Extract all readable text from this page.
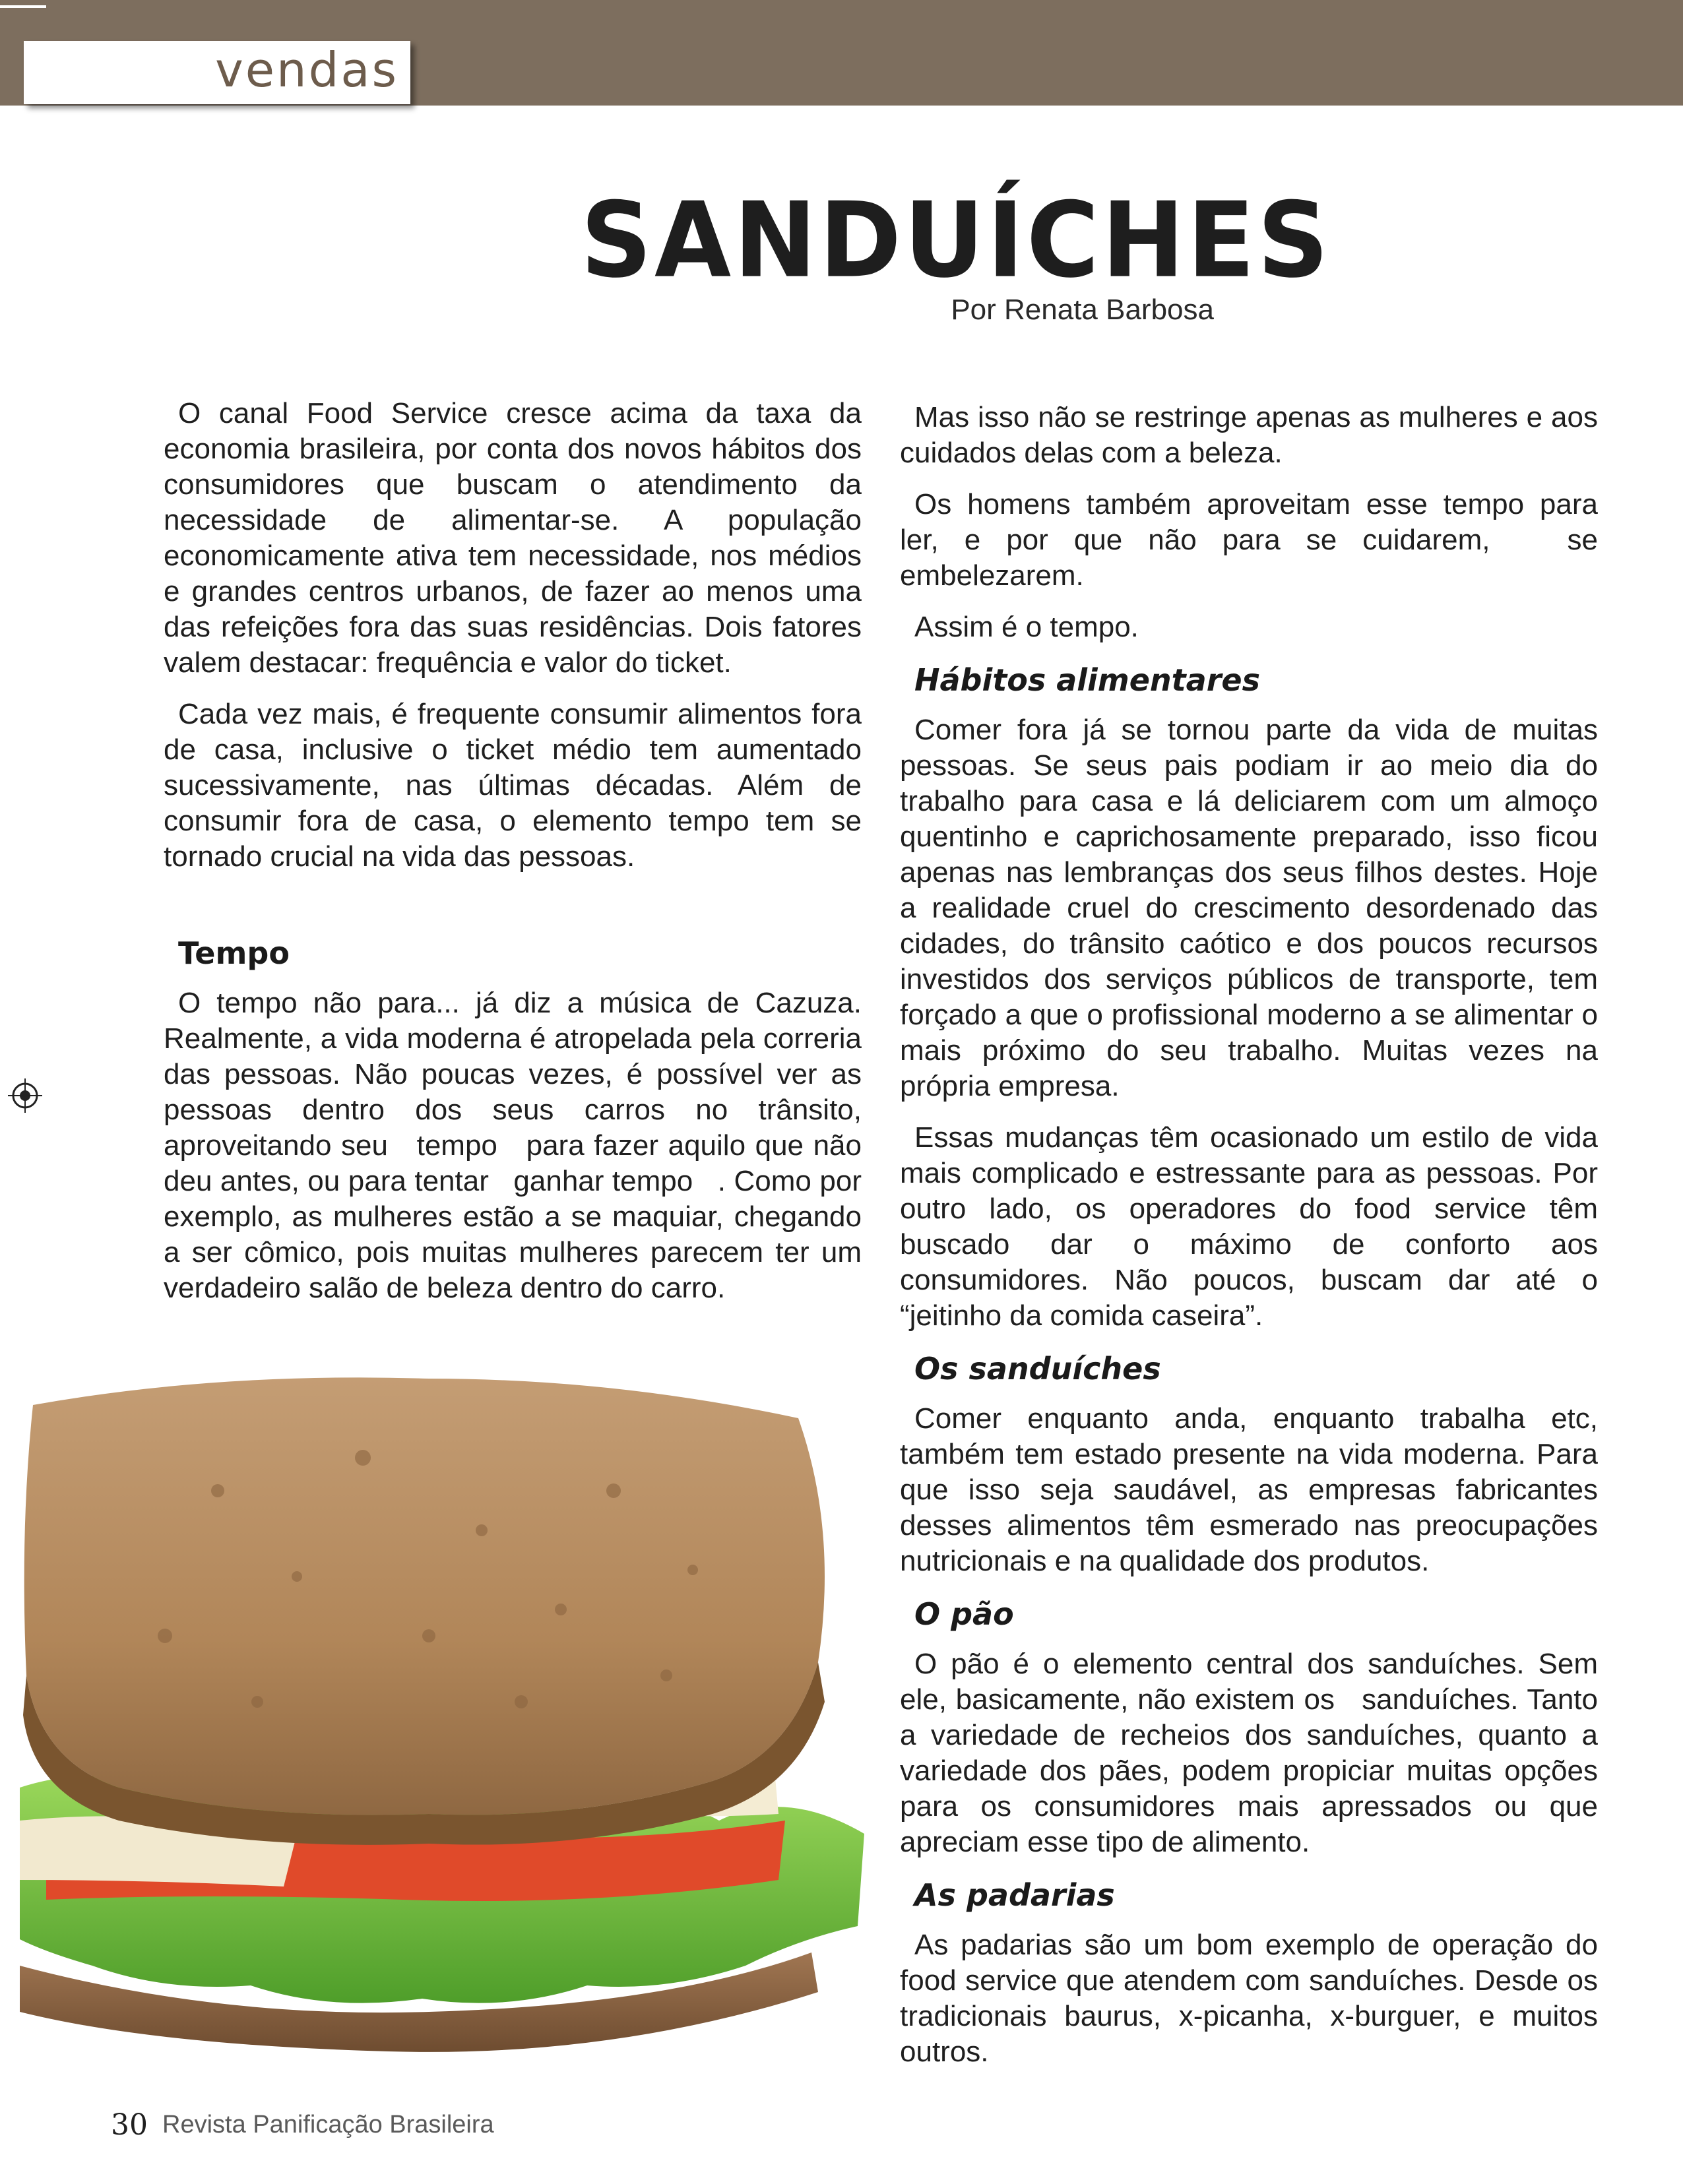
vendas
SANDUÍCHES
Por Renata Barbosa

O canal Food Service cresce acima da taxa da economia brasileira, por conta dos novos hábitos dos consumidores que buscam o atendimento da necessidade de alimentar-se. A população economicamente ativa tem necessidade, nos médios e grandes centros urbanos, de fazer ao menos uma das refeições fora das suas residências. Dois fatores valem destacar: frequência e valor do ticket.

Cada vez mais, é frequente consumir alimentos fora de casa, inclusive o ticket médio tem aumentado sucessivamente, nas últimas décadas. Além de consumir fora de casa, o elemento tempo tem se tornado crucial na vida das pessoas.

Tempo

O tempo não para... já diz a música de Cazuza. Realmente, a vida moderna é atropelada pela correria das pessoas. Não poucas vezes, é possível ver as pessoas dentro dos seus carros no trânsito, aproveitando seu   tempo   para fazer aquilo que não deu antes, ou para tentar   ganhar tempo   . Como por exemplo, as mulheres estão a se maquiar, chegando a ser cômico, pois muitas mulheres parecem ter um verdadeiro salão de beleza dentro do carro.

Mas isso não se restringe apenas as mulheres e aos cuidados delas com a beleza.

Os homens também aproveitam esse tempo para ler, e por que não para se cuidarem,   se embelezarem.

Assim é o tempo.

Hábitos alimentares

Comer fora já se tornou parte da vida de muitas pessoas. Se seus pais podiam ir ao meio dia do trabalho para casa e lá deliciarem com um almoço quentinho e caprichosamente preparado, isso ficou apenas nas lembranças dos seus filhos destes. Hoje a realidade cruel do crescimento desordenado das cidades, do trânsito caótico e dos poucos recursos investidos dos serviços públicos de transporte, tem forçado a que o profissional moderno a se alimentar o mais próximo do seu trabalho. Muitas vezes na própria empresa.

Essas mudanças têm ocasionado um estilo de vida mais complicado e estressante para as pessoas. Por outro lado, os operadores do food service têm buscado dar o máximo de conforto aos consumidores. Não poucos, buscam dar até o “jeitinho da comida caseira”.

Os sanduíches

Comer enquanto anda, enquanto trabalha etc, também tem estado presente na vida moderna. Para que isso seja saudável, as empresas fabricantes desses alimentos têm esmerado nas preocupações nutricionais e na qualidade dos produtos.

O pão

O pão é o elemento central dos sanduíches. Sem ele, basicamente, não existem os   sanduíches. Tanto a variedade de recheios dos sanduíches, quanto a variedade dos pães, podem propiciar muitas opções para os consumidores mais apressados ou que apreciam esse tipo de alimento.

As padarias

As padarias são um bom exemplo de operação do food service que atendem com sanduíches. Desde os tradicionais baurus, x-picanha, x-burguer, e muitos outros.

30 Revista Panificação Brasileira
